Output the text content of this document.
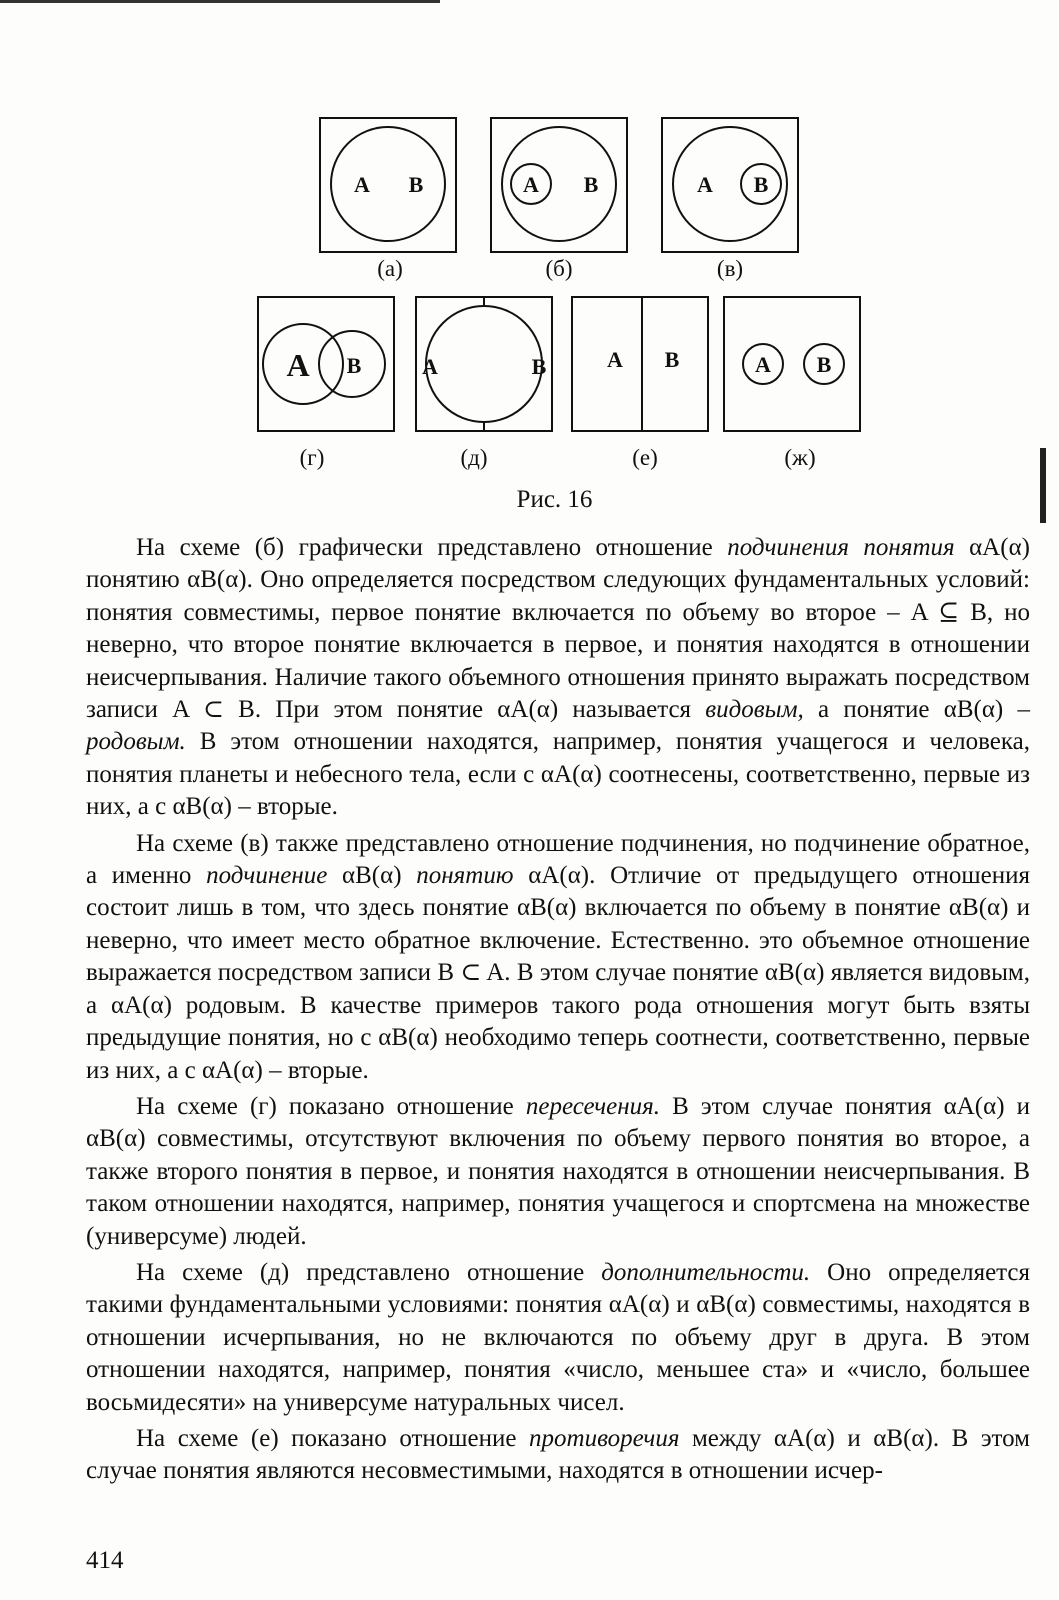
A B	A B	A B
A B	A	B	A B	A B
(а)	(б)	(в)
(г)	(д)	(е)	(ж)
Рис. 16

На схеме (б) графически представлено отношение подчинения понятия αA(α) понятию αB(α). Оно определяется посредством следующих фундаментальных условий: понятия совместимы, первое понятие включается по объему во второе – A ⊆ B, но неверно, что второе понятие включается в первое, и понятия находятся в отношении неисчерпывания. Наличие такого объемного отношения принято выражать посредством записи A ⊂ B. При этом понятие αA(α) называется видовым, а понятие αB(α) – родовым. В этом отношении находятся, например, понятия учащегося и человека, понятия планеты и небесного тела, если с αA(α) соотнесены, соответственно, первые из них, а с αB(α) – вторые.

На схеме (в) также представлено отношение подчинения, но подчинение обратное, а именно подчинение αB(α) понятию αA(α). Отличие от предыдущего отношения состоит лишь в том, что здесь понятие αB(α) включается по объему в понятие αB(α) и неверно, что имеет место обратное включение. Естественно. это объемное отношение выражается посредством записи B ⊂ A. В этом случае понятие αB(α) является видовым, а αA(α) родовым. В качестве примеров такого рода отношения могут быть взяты предыдущие понятия, но с αB(α) необходимо теперь соотнести, соответственно, первые из них, а с αA(α) – вторые.

На схеме (г) показано отношение пересечения. В этом случае понятия αA(α) и αB(α) совместимы, отсутствуют включения по объему первого понятия во второе, а также второго понятия в первое, и понятия находятся в отношении неисчерпывания. В таком отношении находятся, например, понятия учащегося и спортсмена на множестве (универсуме) людей.

На схеме (д) представлено отношение дополнительности. Оно определяется такими фундаментальными условиями: понятия αA(α) и αB(α) совместимы, находятся в отношении исчерпывания, но не включаются по объему друг в друга. В этом отношении находятся, например, понятия «число, меньшее ста» и «число, большее восьмидесяти» на универсуме натуральных чисел.

На схеме (е) показано отношение противоречия между αA(α) и αB(α). В этом случае понятия являются несовместимыми, находятся в отношении исчер-

414
